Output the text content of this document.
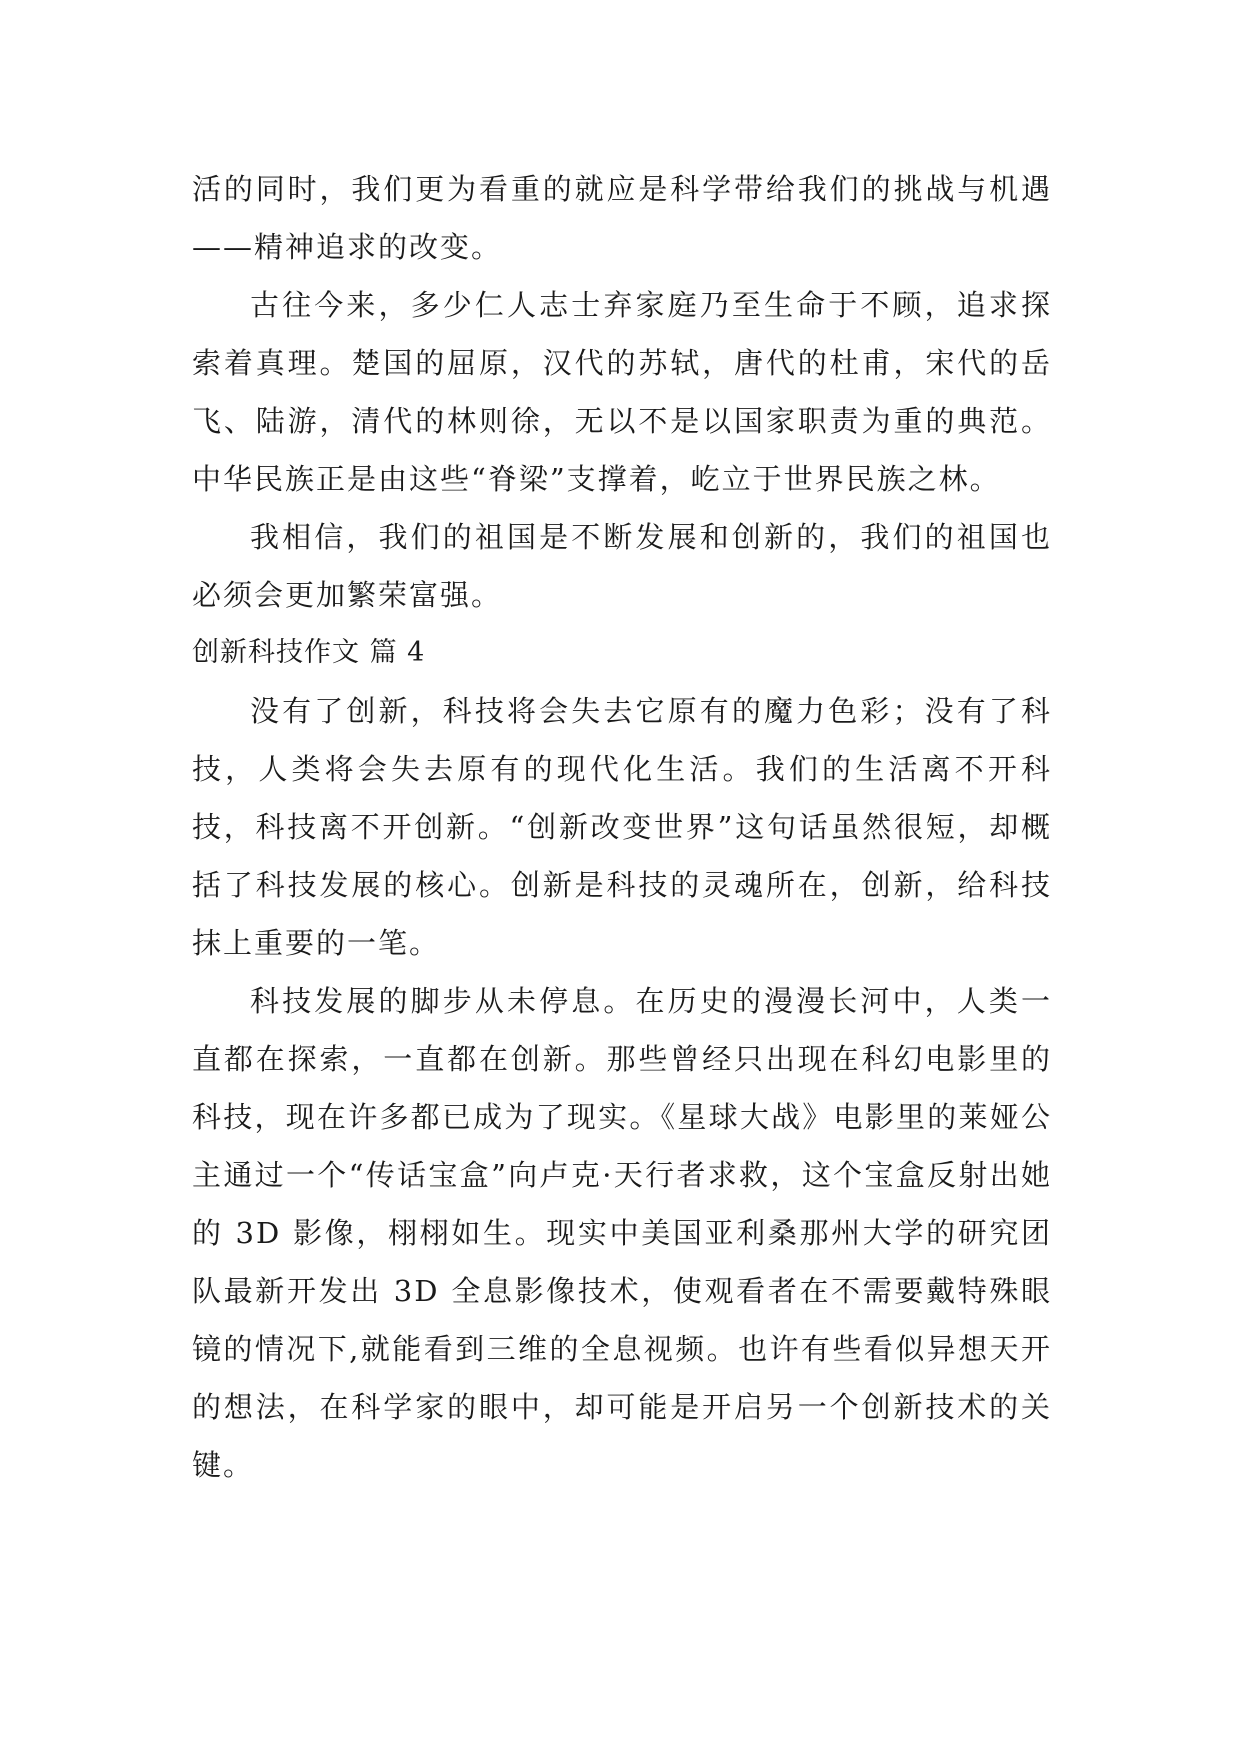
活的同时，我们更为看重的就应是科学带给我们的挑战与机遇——精神追求的改变。

古往今来，多少仁人志士弃家庭乃至生命于不顾，追求探索着真理。楚国的屈原，汉代的苏轼，唐代的杜甫，宋代的岳飞、陆游，清代的林则徐，无以不是以国家职责为重的典范。中华民族正是由这些“脊梁”支撑着，屹立于世界民族之林。

我相信，我们的祖国是不断发展和创新的，我们的祖国也必须会更加繁荣富强。

创新科技作文 篇 4

没有了创新，科技将会失去它原有的魔力色彩；没有了科技，人类将会失去原有的现代化生活。我们的生活离不开科技，科技离不开创新。“创新改变世界”这句话虽然很短，却概括了科技发展的核心。创新是科技的灵魂所在，创新，给科技抹上重要的一笔。

科技发展的脚步从未停息。在历史的漫漫长河中，人类一直都在探索，一直都在创新。那些曾经只出现在科幻电影里的科技，现在许多都已成为了现实。《星球大战》电影里的莱娅公主通过一个“传话宝盒”向卢克·天行者求救，这个宝盒反射出她的 3D 影像，栩栩如生。现实中美国亚利桑那州大学的研究团队最新开发出 3D 全息影像技术，使观看者在不需要戴特殊眼镜的情况下,就能看到三维的全息视频。也许有些看似异想天开的想法，在科学家的眼中，却可能是开启另一个创新技术的关键。
